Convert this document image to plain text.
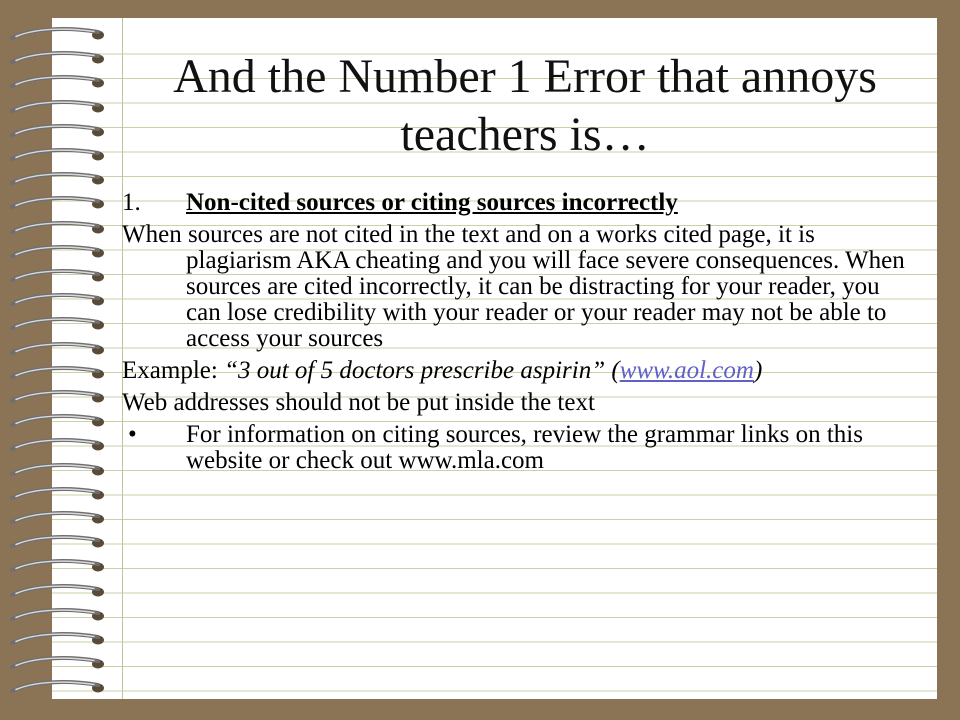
And the Number 1 Error that annoys
teachers is…

1. Non-cited sources or citing sources incorrectly

When sources are not cited in the text and on a works cited page, it is plagiarism AKA cheating and you will face severe consequences. When sources are cited incorrectly, it can be distracting for your reader, you can lose credibility with your reader or your reader may not be able to access your sources

Example: “3 out of 5 doctors prescribe aspirin” (www.aol.com)

Web addresses should not be put inside the text

• For information on citing sources, review the grammar links on this website or check out www.mla.com
